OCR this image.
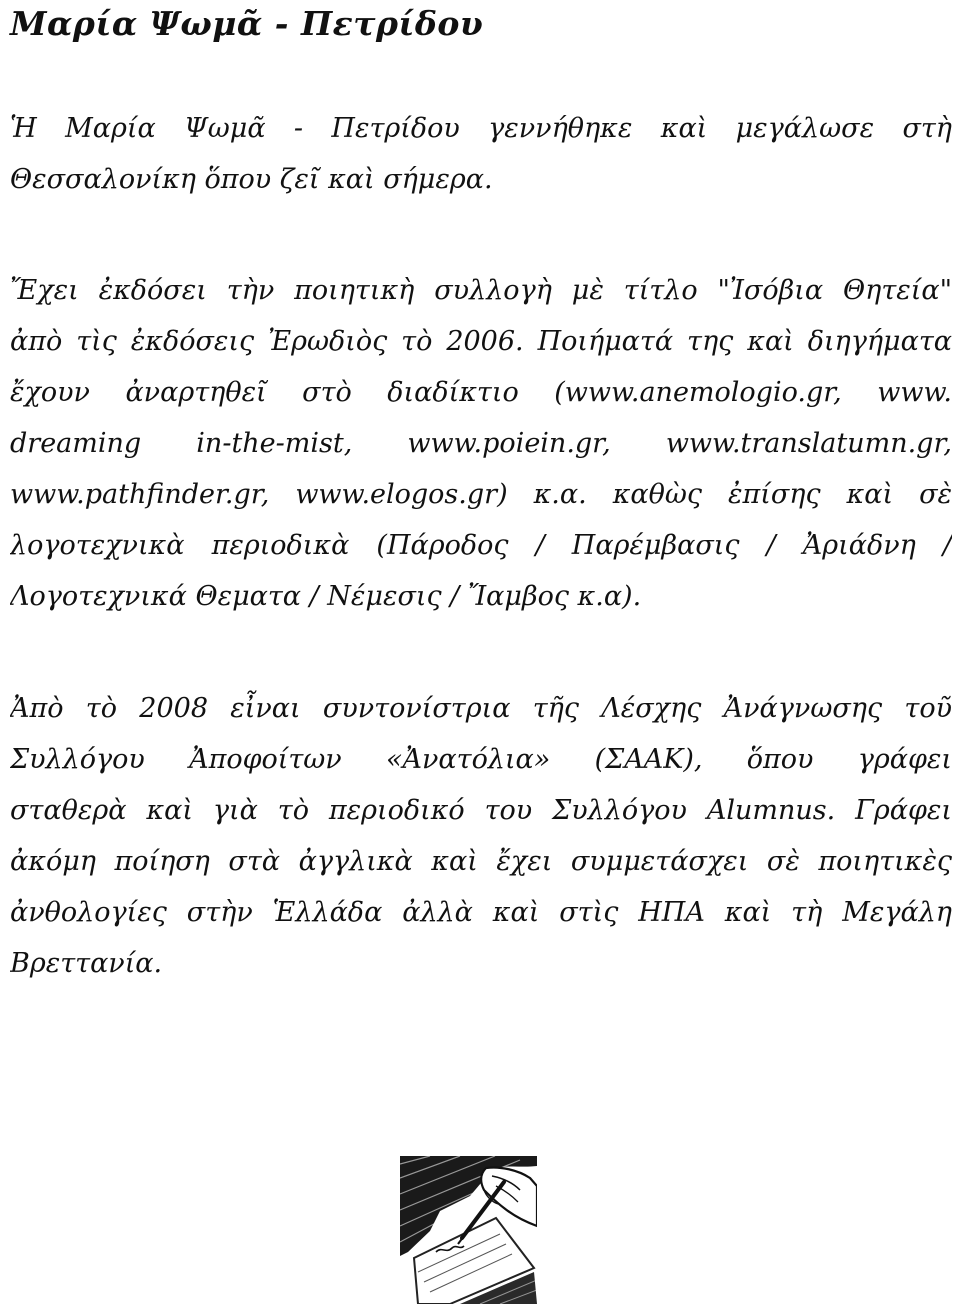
Μαρία Ψωμᾶ - Πετρίδου
Ἡ Μαρία Ψωμᾶ - Πετρίδου γεννήθηκε καὶ μεγάλωσε στὴ
Θεσσαλονίκη ὅπου ζεῖ καὶ σήμερα.
Ἔχει ἐκδόσει τὴν ποιητικὴ συλλογὴ μὲ τίτλο "Ἰσόβια Θητεία"
ἀπὸ τὶς ἐκδόσεις Ἐρωδιὸς τὸ 2006. Ποιήματά της καὶ διηγήματα
ἔχουν ἀναρτηθεῖ στὸ διαδίκτιο (www.anemologio.gr, www.
dreaming in-the-mist, www.poiein.gr, www.translatumn.gr,
www.pathfinder.gr, www.elogos.gr) κ.α. καθὼς ἐπίσης καὶ σὲ
λογοτεχνικὰ περιοδικὰ (Πάροδος / Παρέμβασις / Ἀριάδνη /
Λογοτεχνικά Θεματα / Νέμεσις / Ἴαμβος κ.α).
Ἀπὸ τὸ 2008 εἶναι συντονίστρια τῆς Λέσχης Ἀνάγνωσης τοῦ
Συλλόγου Ἀποφοίτων «Ἀνατόλια» (ΣΑΑΚ), ὅπου γράφει
σταθερὰ καὶ γιὰ τὸ περιοδικό του Συλλόγου Alumnus. Γράφει
ἀκόμη ποίηση στὰ ἀγγλικὰ καὶ ἔχει συμμετάσχει σὲ ποιητικὲς
ἀνθολογίες στὴν Ἑλλάδα ἀλλὰ καὶ στὶς ΗΠΑ καὶ τὴ Μεγάλη
Βρεττανία.
